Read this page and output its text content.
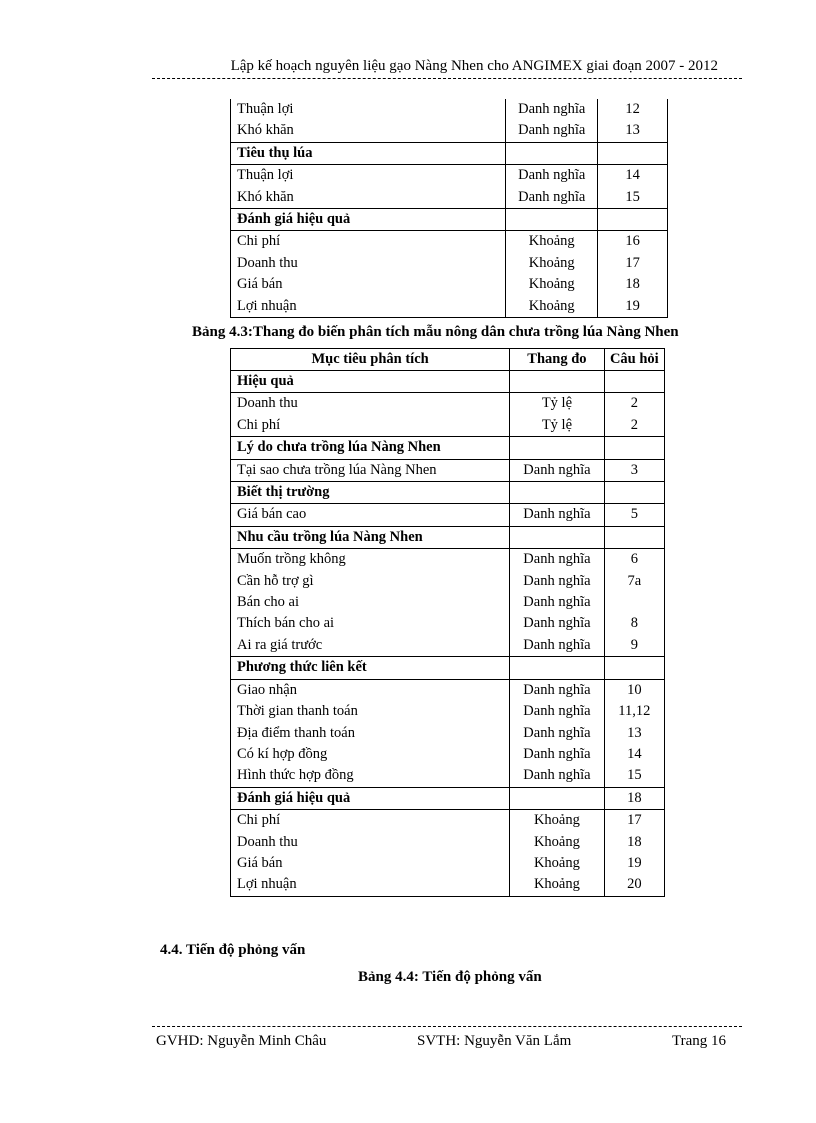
Lập kế hoạch nguyên liệu gạo Nàng Nhen cho ANGIMEX giai đoạn 2007 - 2012
Thuận lợi	Danh nghĩa	12
Khó khăn	Danh nghĩa	13
Tiêu thụ lúa		
Thuận lợi	Danh nghĩa	14
Khó khăn	Danh nghĩa	15
Đánh giá hiệu quả		
Chi phí	Khoảng	16
Doanh thu	Khoảng	17
Giá bán	Khoảng	18
Lợi nhuận	Khoảng	19
Bảng 4.3:Thang đo biến phân tích mẫu nông dân chưa trồng lúa Nàng Nhen
Mục tiêu phân tích	Thang đo	Câu hỏi
Hiệu quả		
Doanh thu	Tỷ lệ	2
Chi phí	Tỷ lệ	2
Lý do chưa trồng lúa Nàng Nhen		
Tại sao chưa trồng lúa Nàng Nhen	Danh nghĩa	3
Biết thị trường		
Giá bán cao	Danh nghĩa	5
Nhu cầu trồng lúa Nàng Nhen		
Muốn trồng không	Danh nghĩa	6
Cần hỗ trợ gì	Danh nghĩa	7a
Bán cho ai	Danh nghĩa	
Thích bán cho ai	Danh nghĩa	8
Ai ra giá trước	Danh nghĩa	9
Phương thức liên kết		
Giao nhận	Danh nghĩa	10
Thời gian thanh toán	Danh nghĩa	11,12
Địa điểm thanh toán	Danh nghĩa	13
Có kí hợp đồng	Danh nghĩa	14
Hình thức hợp đồng	Danh nghĩa	15
Đánh giá hiệu quả		18
Chi phí	Khoảng	17
Doanh thu	Khoảng	18
Giá bán	Khoảng	19
Lợi nhuận	Khoảng	20
4.4. Tiến độ phỏng vấn
Bảng 4.4: Tiến độ phỏng vấn
GVHD: Nguyễn Minh Châu	SVTH: Nguyễn Văn Lắm	Trang 16
